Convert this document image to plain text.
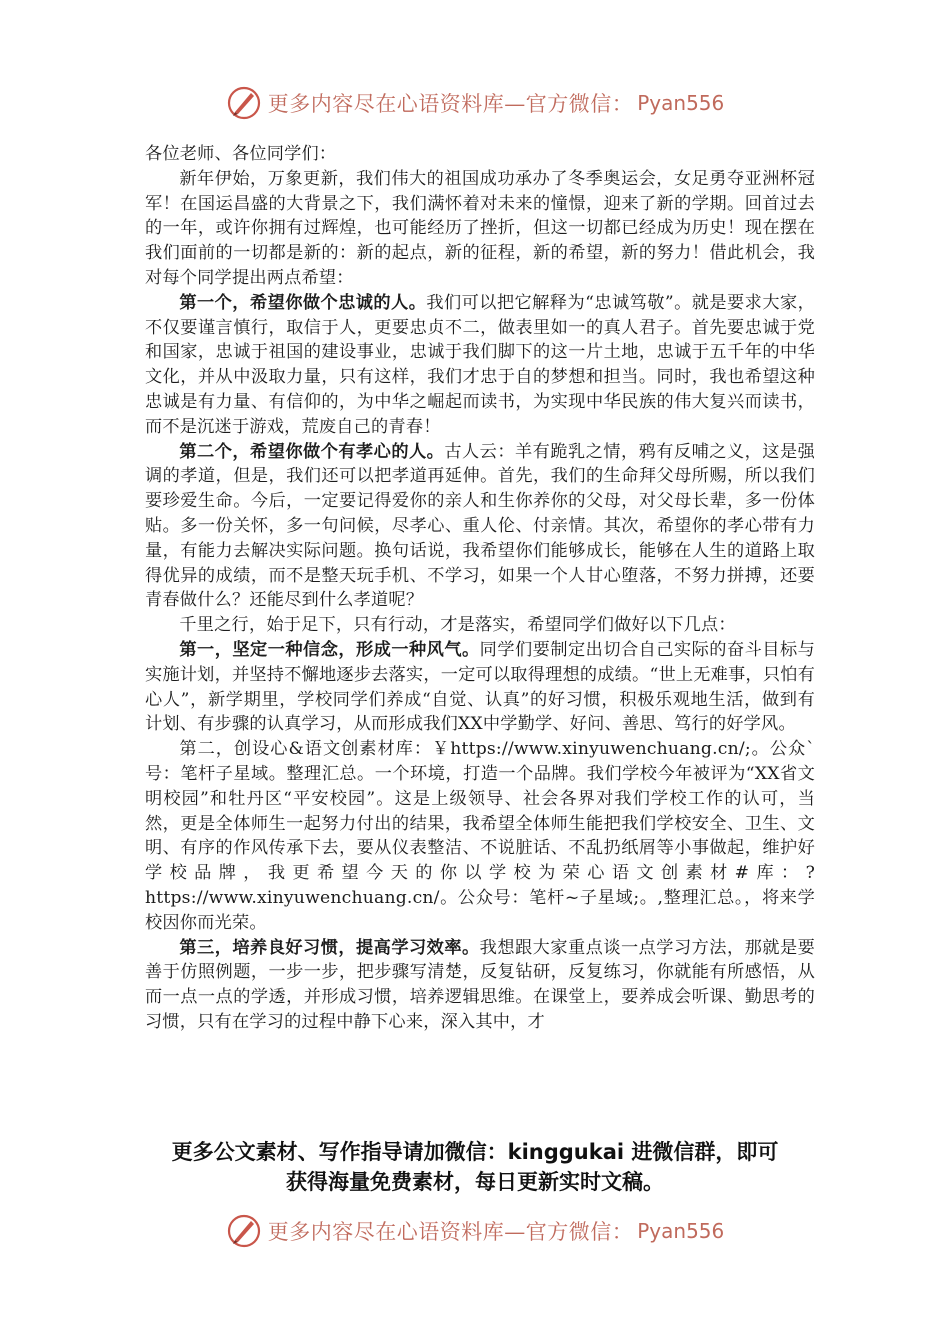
更多内容尽在心语资料库—官方微信： Pyan556

各位老师、各位同学们：

新年伊始，万象更新，我们伟大的祖国成功承办了冬季奥运会，女足勇夺亚洲杯冠军！在国运昌盛的大背景之下，我们满怀着对未来的憧憬，迎来了新的学期。回首过去的一年，或许你拥有过辉煌，也可能经历了挫折，但这一切都已经成为历史！现在摆在我们面前的一切都是新的：新的起点，新的征程，新的希望，新的努力！借此机会，我对每个同学提出两点希望：

第一个，希望你做个忠诚的人。我们可以把它解释为“忠诚笃敬”。就是要求大家，不仅要谨言慎行，取信于人，更要忠贞不二，做表里如一的真人君子。首先要忠诚于党和国家，忠诚于祖国的建设事业，忠诚于我们脚下的这一片土地，忠诚于五千年的中华文化，并从中汲取力量，只有这样，我们才忠于自的梦想和担当。同时，我也希望这种忠诚是有力量、有信仰的，为中华之崛起而读书，为实现中华民族的伟大复兴而读书，而不是沉迷于游戏，荒废自己的青春！

第二个，希望你做个有孝心的人。古人云：羊有跪乳之情，鸦有反哺之义，这是强调的孝道，但是，我们还可以把孝道再延伸。首先，我们的生命拜父母所赐，所以我们要珍爱生命。今后，一定要记得爱你的亲人和生你养你的父母，对父母长辈，多一份体贴。多一份关怀，多一句问候，尽孝心、重人伦、付亲情。其次，希望你的孝心带有力量，有能力去解决实际问题。换句话说，我希望你们能够成长，能够在人生的道路上取得优异的成绩，而不是整天玩手机、不学习，如果一个人甘心堕落，不努力拼搏，还要青春做什么？还能尽到什么孝道呢？

千里之行，始于足下，只有行动，才是落实，希望同学们做好以下几点：

第一，坚定一种信念，形成一种风气。同学们要制定出切合自己实际的奋斗目标与实施计划，并坚持不懈地逐步去落实，一定可以取得理想的成绩。“世上无难事，只怕有心人”，新学期里，学校同学们养成“自觉、认真”的好习惯，积极乐观地生活，做到有计划、有步骤的认真学习，从而形成我们XX中学勤学、好问、善思、笃行的好学风。

第二，创设心&语文创素材库：￥https://www.xinyuwenchuang.cn/;。公众`号：笔杆子星域。整理汇总。一个环境，打造一个品牌。我们学校今年被评为“XX省文明校园”和牡丹区“平安校园”。这是上级领导、社会各界对我们学校工作的认可，当然，更是全体师生一起努力付出的结果，我希望全体师生能把我们学校安全、卫生、文明、有序的作风传承下去，要从仪表整洁、不说脏话、不乱扔纸屑等小事做起，维护好学校品牌，我更希望今天的你以学校为荣心语文创素材#库：?https://www.xinyuwenchuang.cn/。公众号：笔杆~子星域;。,整理汇总。，将来学校因你而光荣。

第三，培养良好习惯，提高学习效率。我想跟大家重点谈一点学习方法，那就是要善于仿照例题，一步一步，把步骤写清楚，反复钻研，反复练习，你就能有所感悟，从而一点一点的学透，并形成习惯，培养逻辑思维。在课堂上，要养成会听课、勤思考的习惯，只有在学习的过程中静下心来，深入其中，才

更多公文素材、写作指导请加微信：kinggukai 进微信群，即可
获得海量免费素材，每日更新实时文稿。
更多内容尽在心语资料库—官方微信： Pyan556
